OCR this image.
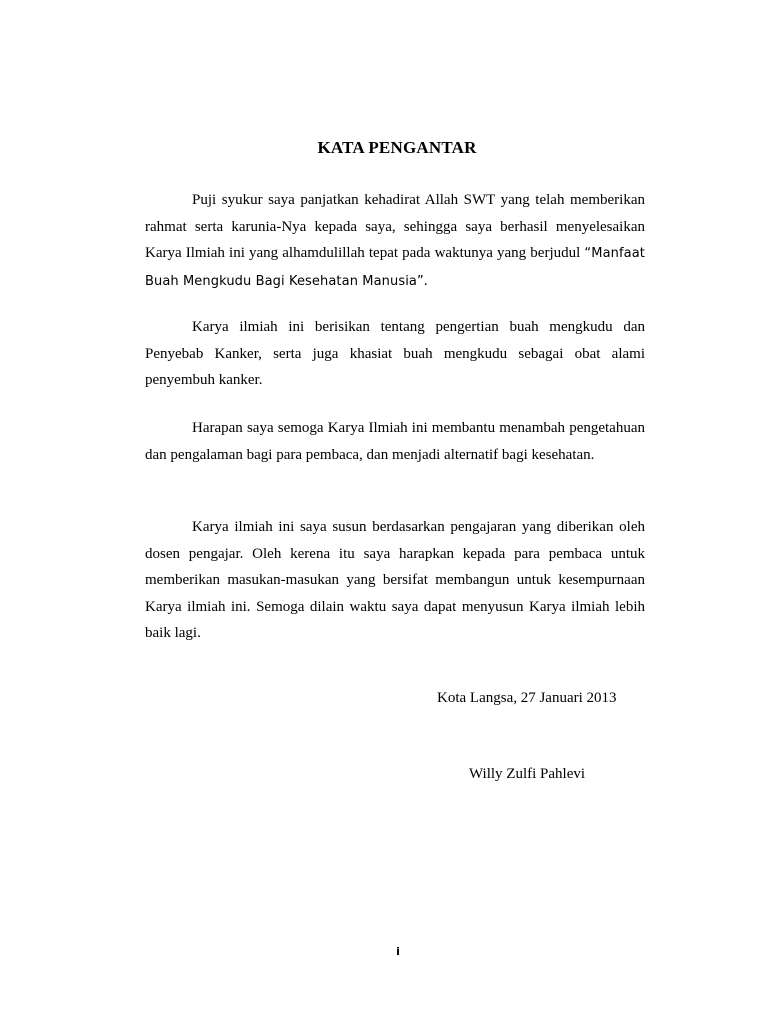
KATA PENGANTAR

Puji syukur saya panjatkan kehadirat Allah SWT yang telah memberikan rahmat serta karunia-Nya kepada saya, sehingga saya berhasil menyelesaikan Karya Ilmiah ini yang alhamdulillah tepat pada waktunya yang berjudul “Manfaat Buah Mengkudu Bagi Kesehatan Manusia”.

Karya ilmiah ini berisikan tentang pengertian buah mengkudu dan Penyebab Kanker, serta juga khasiat buah mengkudu sebagai obat alami penyembuh kanker.

Harapan saya semoga Karya Ilmiah ini membantu menambah pengetahuan dan pengalaman bagi para pembaca, dan menjadi alternatif bagi kesehatan.

Karya ilmiah ini saya susun berdasarkan pengajaran yang diberikan oleh dosen pengajar. Oleh kerena itu saya harapkan kepada para pembaca untuk memberikan masukan-masukan yang bersifat membangun untuk kesempurnaan Karya ilmiah ini. Semoga dilain waktu saya dapat menyusun Karya ilmiah lebih baik lagi.

Kota Langsa, 27 Januari 2013
Willy Zulfi Pahlevi
i
